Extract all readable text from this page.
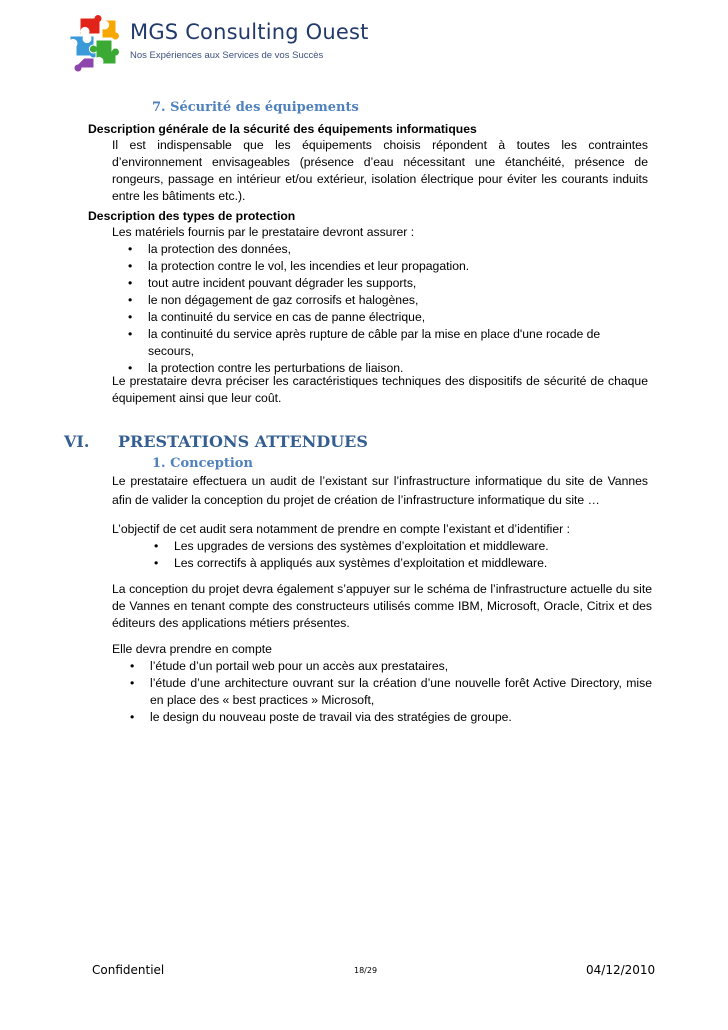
MGS Consulting Ouest
Nos Expériences aux Services de vos Succès
7. Sécurité des équipements
Description générale de la sécurité des équipements informatiques

Il est indispensable que les équipements choisis répondent à toutes les contraintes d’environnement envisageables (présence d’eau nécessitant une étanchéité, présence de rongeurs, passage en intérieur et/ou extérieur, isolation électrique pour éviter les courants induits entre les bâtiments etc.).

Description des types de protection

Les matériels fournis par le prestataire devront assurer :

• la protection des données,
• la protection contre le vol, les incendies et leur propagation.
• tout autre incident pouvant dégrader les supports,
• le non dégagement de gaz corrosifs et halogènes,
• la continuité du service en cas de panne électrique,
• la continuité du service après rupture de câble par la mise en place d'une rocade de secours,
• la protection contre les perturbations de liaison.

Le prestataire devra préciser les caractéristiques techniques des dispositifs de sécurité de chaque équipement ainsi que leur coût.

VI. PRESTATIONS ATTENDUES
1. Conception

Le prestataire effectuera un audit de l’existant sur l’infrastructure informatique du site de Vannes afin de valider la conception du projet de création de l’infrastructure informatique du site …

L’objectif de cet audit sera notamment de prendre en compte l’existant et d’identifier :

• Les upgrades de versions des systèmes d’exploitation et middleware.
• Les correctifs à appliqués aux systèmes d’exploitation et middleware.

La conception du projet devra également s’appuyer sur le schéma de l’infrastructure actuelle du site de Vannes en tenant compte des constructeurs utilisés comme IBM, Microsoft, Oracle, Citrix et des éditeurs des applications métiers présentes.

Elle devra prendre en compte

• l’étude d’un portail web pour un accès aux prestataires,
• l’étude d’une architecture ouvrant sur la création d’une nouvelle forêt Active Directory, mise en place des « best practices » Microsoft,
• le design du nouveau poste de travail via des stratégies de groupe.
Confidentiel	18/29	04/12/2010
